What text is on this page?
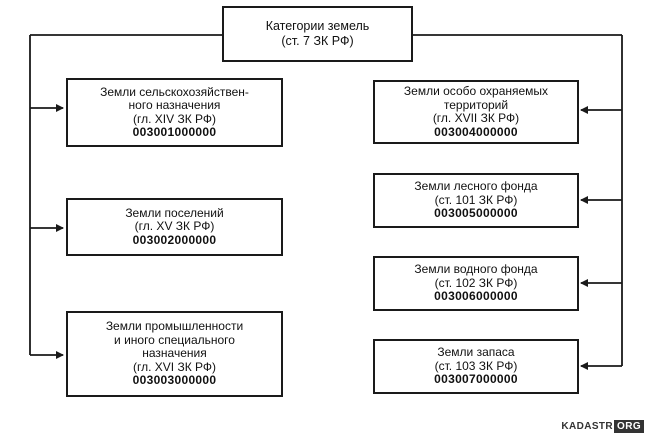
Категории земель
(ст. 7 ЗК РФ)
Земли сельскохозяйствен-
ного назначения
(гл. XIV ЗК РФ)
003001000000
Земли поселений
(гл. XV ЗК РФ)
003002000000
Земли промышленности
и иного специального
назначения
(гл. XVI ЗК РФ)
003003000000
Земли особо охраняемых
территорий
(гл. XVII ЗК РФ)
003004000000
Земли лесного фонда
(ст. 101 ЗК РФ)
003005000000
Земли водного фонда
(ст. 102 ЗК РФ)
003006000000
Земли запаса
(ст. 103 ЗК РФ)
003007000000
KADASTR ORG
